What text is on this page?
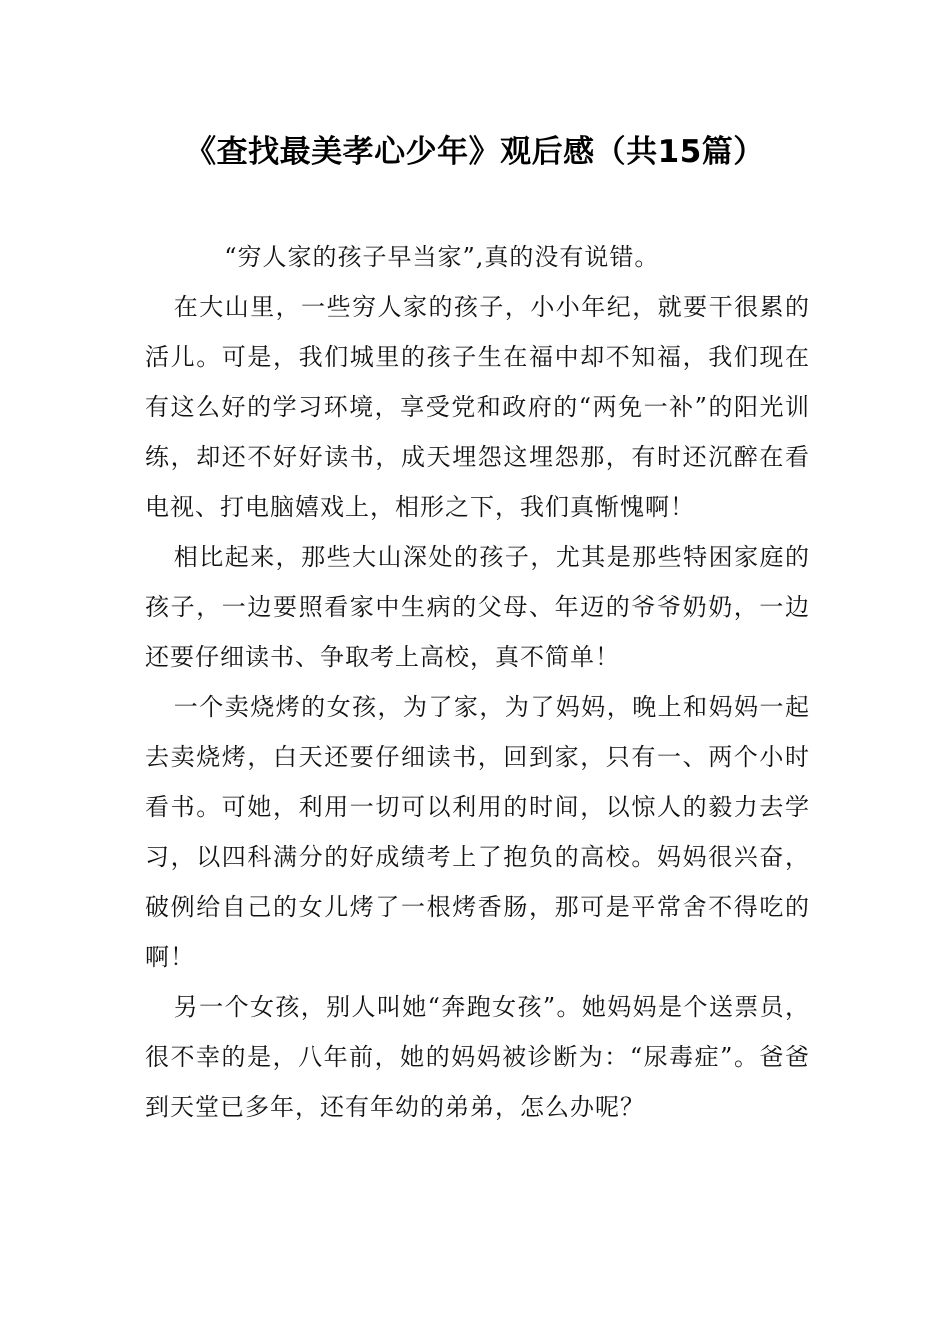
《查找最美孝心少年》观后感（共15篇）

“穷人家的孩子早当家”,真的没有说错。

在大山里，一些穷人家的孩子，小小年纪，就要干很累的活儿。可是，我们城里的孩子生在福中却不知福，我们现在有这么好的学习环境，享受党和政府的“两免一补”的阳光训练，却还不好好读书，成天埋怨这埋怨那，有时还沉醉在看电视、打电脑嬉戏上，相形之下，我们真惭愧啊！

相比起来，那些大山深处的孩子，尤其是那些特困家庭的孩子，一边要照看家中生病的父母、年迈的爷爷奶奶，一边还要仔细读书、争取考上高校，真不简单！

一个卖烧烤的女孩，为了家，为了妈妈，晚上和妈妈一起去卖烧烤，白天还要仔细读书，回到家，只有一、两个小时看书。可她，利用一切可以利用的时间，以惊人的毅力去学习，以四科满分的好成绩考上了抱负的高校。妈妈很兴奋，破例给自己的女儿烤了一根烤香肠，那可是平常舍不得吃的啊！

另一个女孩，别人叫她“奔跑女孩”。她妈妈是个送票员，很不幸的是，八年前，她的妈妈被诊断为：“尿毒症”。爸爸到天堂已多年，还有年幼的弟弟，怎么办呢？
